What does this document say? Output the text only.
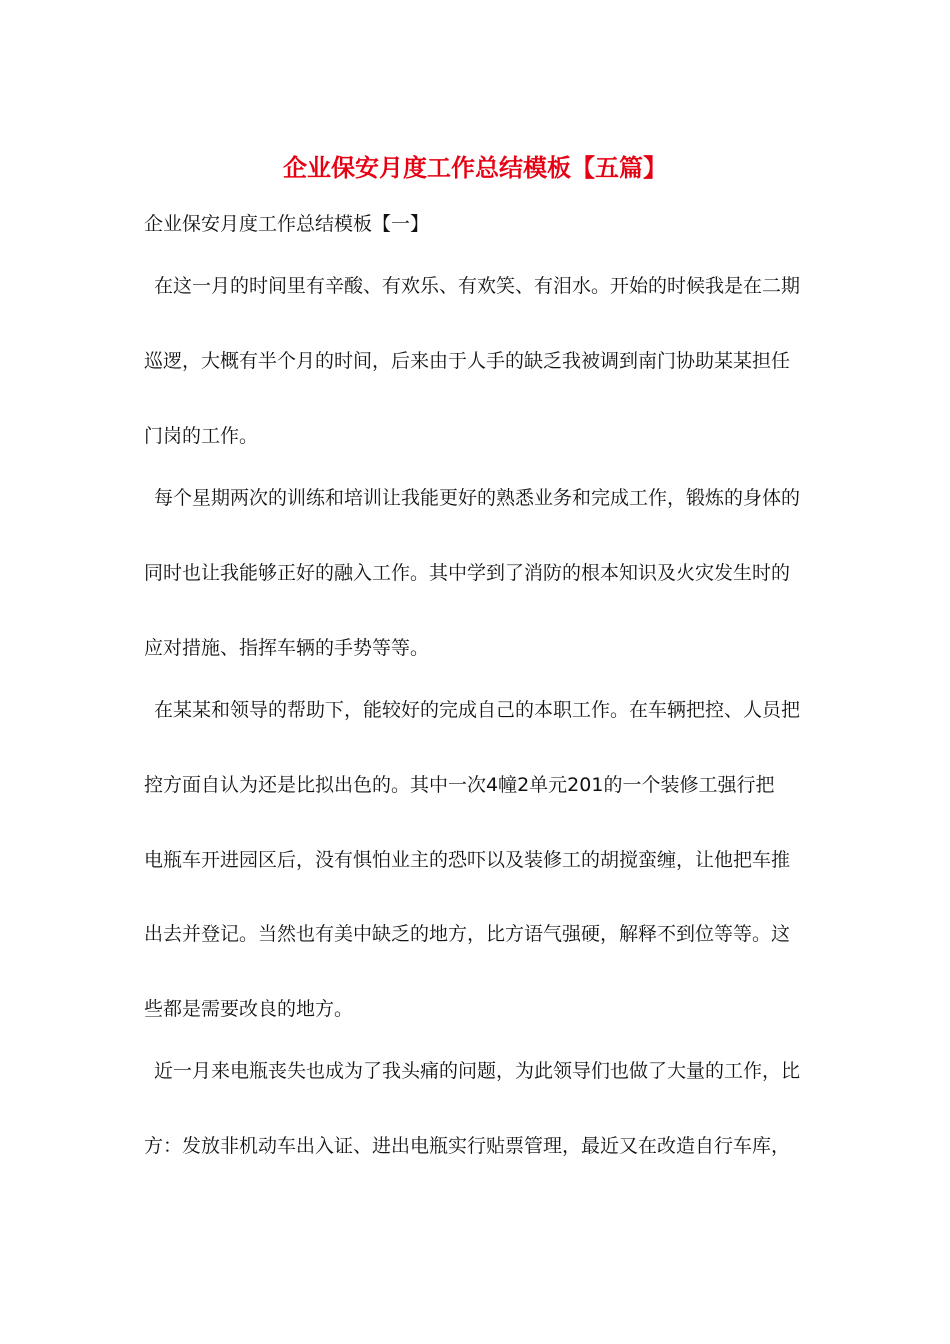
企业保安月度工作总结模板【五篇】
企业保安月度工作总结模板【一】
在这一月的时间里有辛酸、有欢乐、有欢笑、有泪水。开始的时候我是在二期
巡逻，大概有半个月的时间，后来由于人手的缺乏我被调到南门协助某某担任
门岗的工作。
每个星期两次的训练和培训让我能更好的熟悉业务和完成工作，锻炼的身体的
同时也让我能够正好的融入工作。其中学到了消防的根本知识及火灾发生时的
应对措施、指挥车辆的手势等等。
在某某和领导的帮助下，能较好的完成自己的本职工作。在车辆把控、人员把
控方面自认为还是比拟出色的。其中一次4幢2单元201的一个装修工强行把
电瓶车开进园区后，没有惧怕业主的恐吓以及装修工的胡搅蛮缠，让他把车推
出去并登记。当然也有美中缺乏的地方，比方语气强硬，解释不到位等等。这
些都是需要改良的地方。
近一月来电瓶丧失也成为了我头痛的问题，为此领导们也做了大量的工作，比
方：发放非机动车出入证、进出电瓶实行贴票管理，最近又在改造自行车库，
